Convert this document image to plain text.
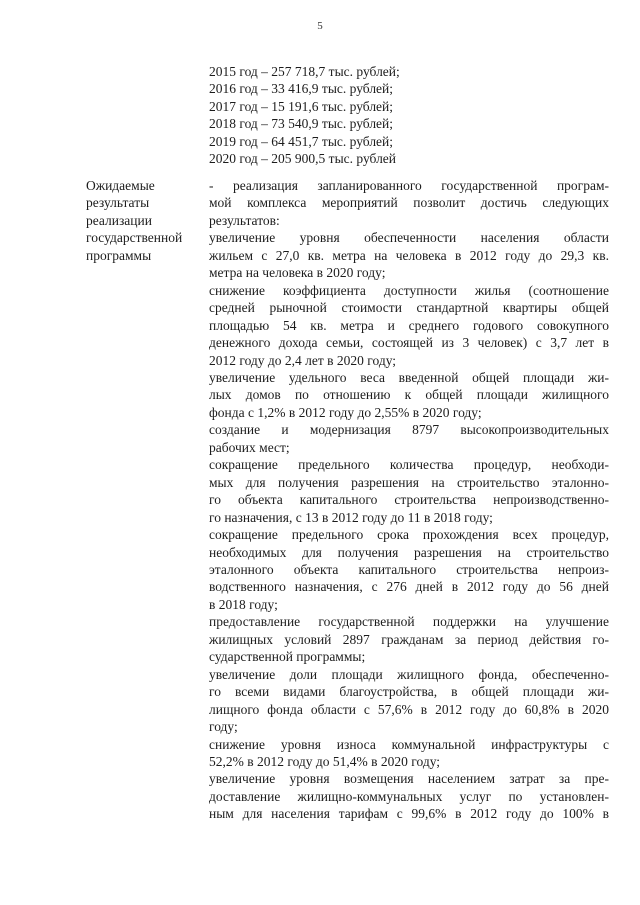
5
2015 год – 257 718,7 тыс. рублей;
2016 год – 33 416,9 тыс. рублей;
2017 год – 15 191,6 тыс. рублей;
2018 год – 73 540,9 тыс. рублей;
2019 год – 64 451,7 тыс. рублей;
2020 год – 205 900,5 тыс. рублей
Ожидаемые
результаты
реализации
государственной
программы
- реализация запланированного государственной програм-
мой комплекса мероприятий позволит достичь следующих
результатов:
увеличение уровня обеспеченности населения области
жильем с 27,0 кв. метра на человека в 2012 году до 29,3 кв.
метра на человека в 2020 году;
снижение коэффициента доступности жилья (соотношение
средней рыночной стоимости стандартной квартиры общей
площадью 54 кв. метра и среднего годового совокупного
денежного дохода семьи, состоящей из 3 человек) с 3,7 лет в
2012 году до 2,4 лет в 2020 году;
увеличение удельного веса введенной общей площади жи-
лых домов по отношению к общей площади жилищного
фонда с 1,2% в 2012 году до 2,55% в 2020 году;
создание и модернизация 8797 высокопроизводительных
рабочих мест;
сокращение предельного количества процедур, необходи-
мых для получения разрешения на строительство эталонно-
го объекта капитального строительства непроизводственно-
го назначения, с 13 в 2012 году до 11 в 2018 году;
сокращение предельного срока прохождения всех процедур,
необходимых для получения разрешения на строительство
эталонного объекта капитального строительства непроиз-
водственного назначения, с 276 дней в 2012 году до 56 дней
в 2018 году;
предоставление государственной поддержки на улучшение
жилищных условий 2897 гражданам за период действия го-
сударственной программы;
увеличение доли площади жилищного фонда, обеспеченно-
го всеми видами благоустройства, в общей площади жи-
лищного фонда области с 57,6% в 2012 году до 60,8% в 2020
году;
снижение уровня износа коммунальной инфраструктуры с
52,2% в 2012 году до 51,4% в 2020 году;
увеличение уровня возмещения населением затрат за пре-
доставление жилищно-коммунальных услуг по установлен-
ным для населения тарифам с 99,6% в 2012 году до 100% в
